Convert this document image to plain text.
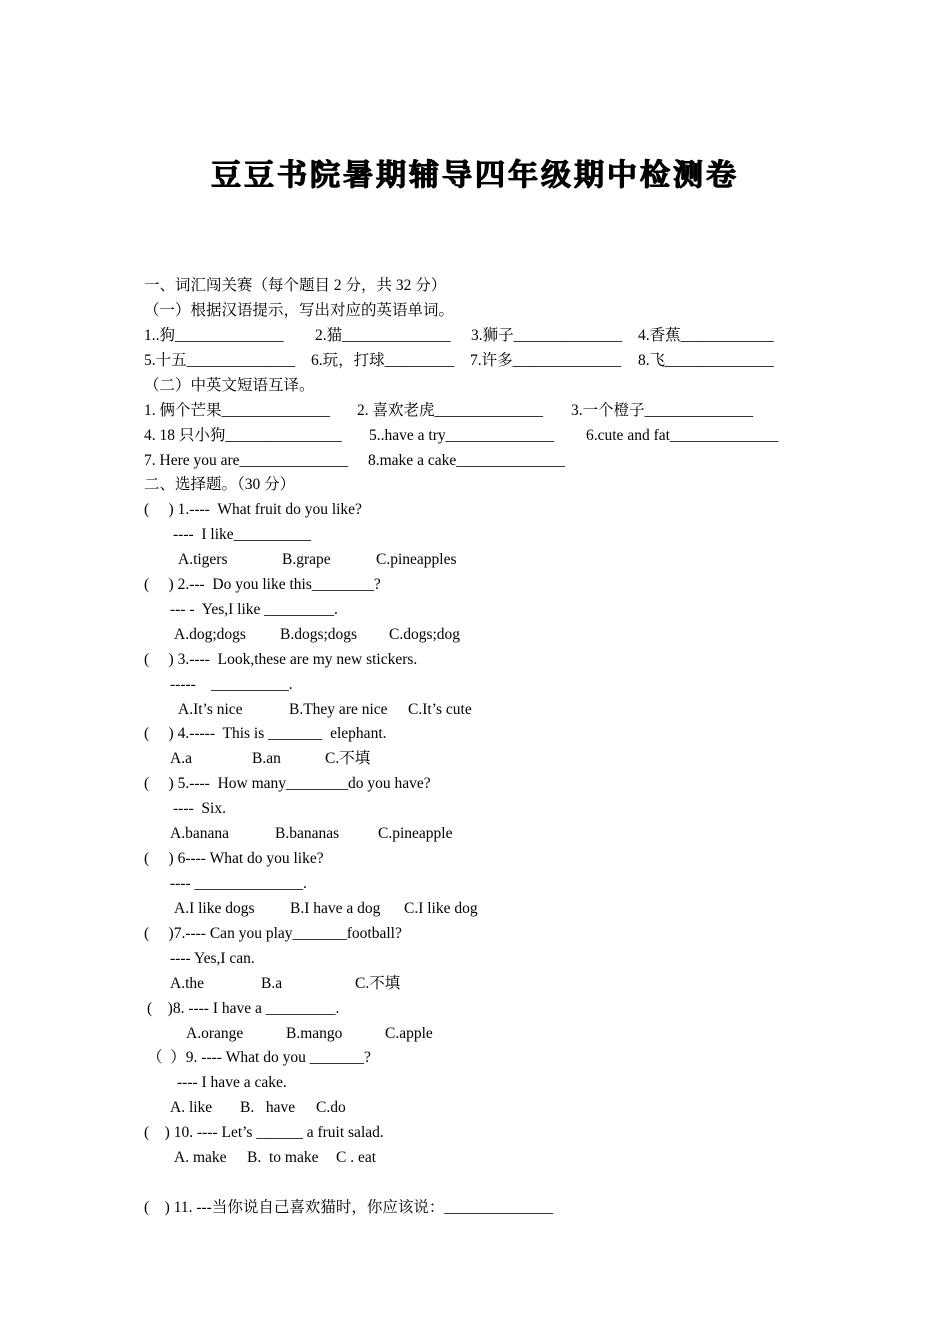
豆豆书院暑期辅导四年级期中检测卷

一、词汇闯关赛（每个题目 2 分，共 32 分）

（一）根据汉语提示，写出对应的英语单词。

1..狗______________

2.猫______________

3.狮子______________

4.香蕉____________

5.十五______________

6.玩，打球_________

7.许多______________

8.飞______________

（二）中英文短语互译。

1. 俩个芒果______________

2. 喜欢老虎______________

3.一个橙子______________

4. 18 只小狗_______________

5..have a try______________

6.cute and fat______________

7. Here you are______________

8.make a cake______________

二、选择题。（30 分）

(     ) 1.----  What fruit do you like?

----  I like__________

A.tigers

	B.grape

	C.pineapples

(     ) 2.---  Do you like this________?

--- -  Yes,I like _________.

A.dog;dogs

B.dogs;dogs

C.dogs;dog

(     ) 3.----  Look,these are my new stickers.

-----    __________.

A.It’s nice

	B.They are nice

C.It’s cute

(     ) 4.-----  This is _______  elephant.

A.a

	B.an

	C.不填

(     ) 5.----  How many________do you have?

----  Six.

A.banana

	B.bananas

	C.pineapple

(     ) 6---- What do you like?

---- ______________.

A.I like dogs

B.I have a dog

C.I like dog

(     )7.---- Can you play_______football?

---- Yes,I can.

A.the

	B.a

	C.不填

(    )8. ---- I have a _________.

A.orange

	B.mango

	C.apple

（  ）9. ---- What do you _______?

---- I have a cake.

A. like

B.   have

C.do

(    ) 10. ---- Let’s ______ a fruit salad.

A. make

B.  to make

C . eat

(    ) 11. ---当你说自己喜欢猫时，你应该说：______________
